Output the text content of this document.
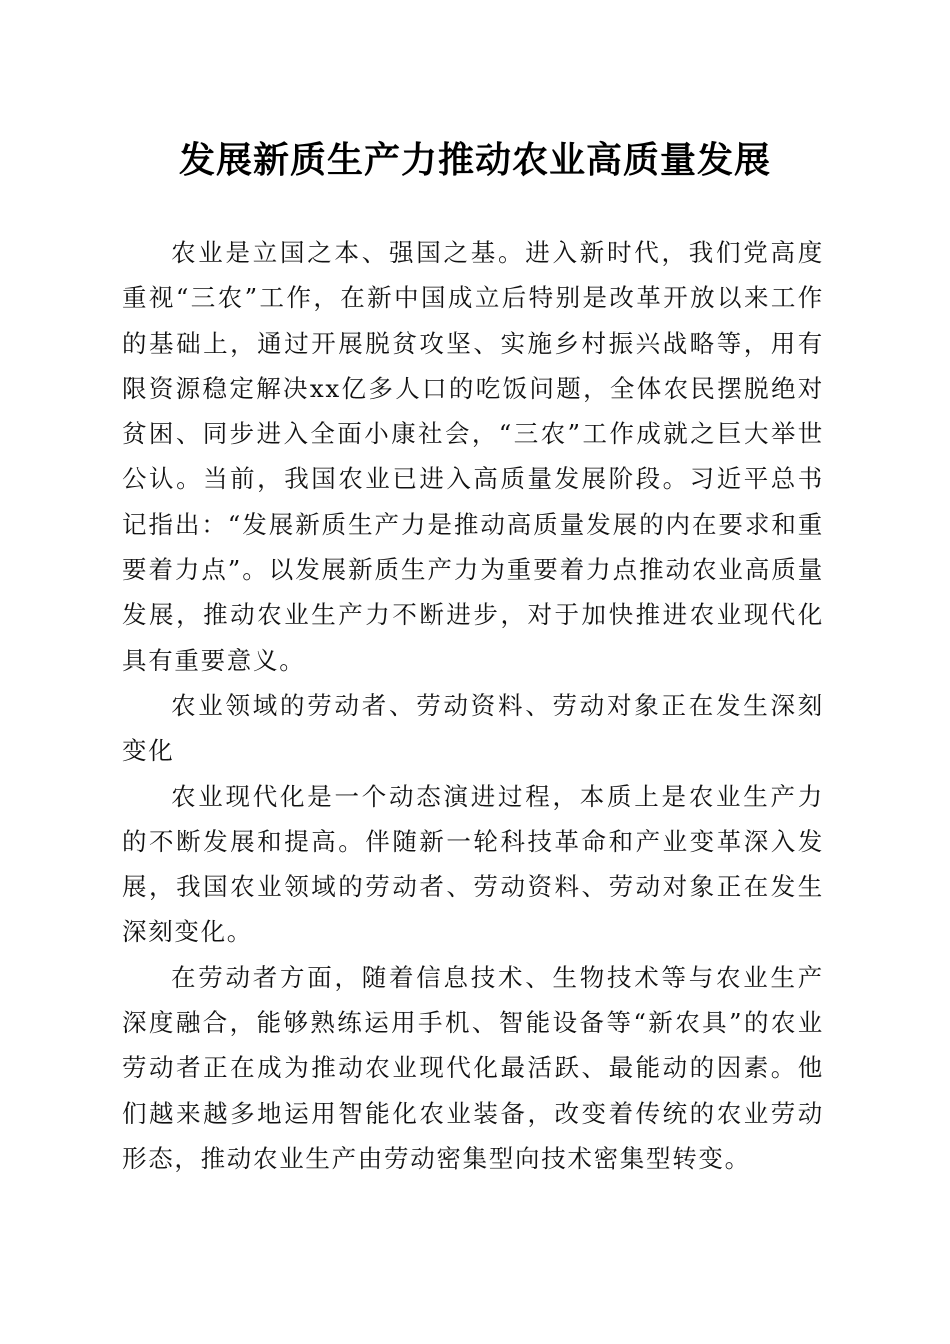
发展新质生产力推动农业高质量发展

农业是立国之本、强国之基。进入新时代，我们党高度重视“三农”工作，在新中国成立后特别是改革开放以来工作的基础上，通过开展脱贫攻坚、实施乡村振兴战略等，用有限资源稳定解决xx亿多人口的吃饭问题，全体农民摆脱绝对贫困、同步进入全面小康社会，“三农”工作成就之巨大举世公认。当前，我国农业已进入高质量发展阶段。习近平总书记指出：“发展新质生产力是推动高质量发展的内在要求和重要着力点”。以发展新质生产力为重要着力点推动农业高质量发展，推动农业生产力不断进步，对于加快推进农业现代化具有重要意义。

农业领域的劳动者、劳动资料、劳动对象正在发生深刻变化

农业现代化是一个动态演进过程，本质上是农业生产力的不断发展和提高。伴随新一轮科技革命和产业变革深入发展，我国农业领域的劳动者、劳动资料、劳动对象正在发生深刻变化。

在劳动者方面，随着信息技术、生物技术等与农业生产深度融合，能够熟练运用手机、智能设备等“新农具”的农业劳动者正在成为推动农业现代化最活跃、最能动的因素。他们越来越多地运用智能化农业装备，改变着传统的农业劳动形态，推动农业生产由劳动密集型向技术密集型转变。
